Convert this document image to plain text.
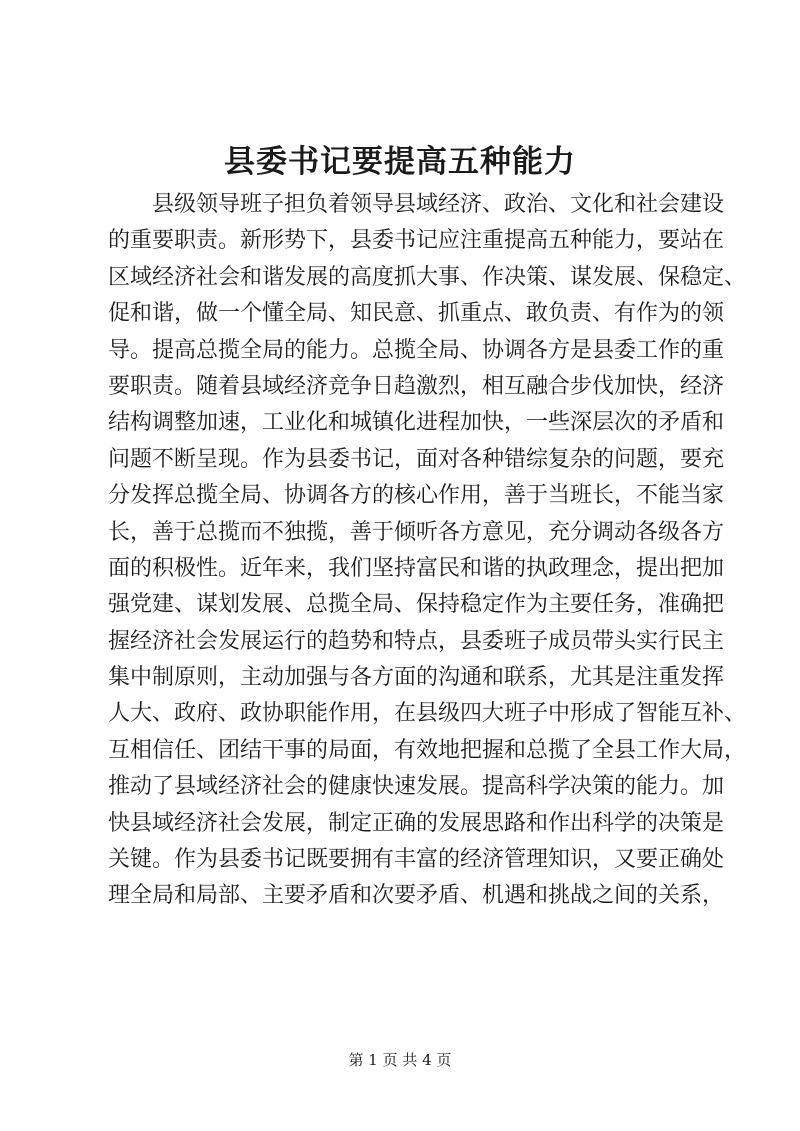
县委书记要提高五种能力
县级领导班子担负着领导县域经济、政治、文化和社会建设
的重要职责。新形势下，县委书记应注重提高五种能力，要站在
区域经济社会和谐发展的高度抓大事、作决策、谋发展、保稳定、
促和谐，做一个懂全局、知民意、抓重点、敢负责、有作为的领
导。提高总揽全局的能力。总揽全局、协调各方是县委工作的重
要职责。随着县域经济竞争日趋激烈，相互融合步伐加快，经济
结构调整加速，工业化和城镇化进程加快，一些深层次的矛盾和
问题不断呈现。作为县委书记，面对各种错综复杂的问题，要充
分发挥总揽全局、协调各方的核心作用，善于当班长，不能当家
长，善于总揽而不独揽，善于倾听各方意见，充分调动各级各方
面的积极性。近年来，我们坚持富民和谐的执政理念，提出把加
强党建、谋划发展、总揽全局、保持稳定作为主要任务，准确把
握经济社会发展运行的趋势和特点，县委班子成员带头实行民主
集中制原则，主动加强与各方面的沟通和联系，尤其是注重发挥
人大、政府、政协职能作用，在县级四大班子中形成了智能互补、
互相信任、团结干事的局面，有效地把握和总揽了全县工作大局，
推动了县域经济社会的健康快速发展。提高科学决策的能力。加
快县域经济社会发展，制定正确的发展思路和作出科学的决策是
关键。作为县委书记既要拥有丰富的经济管理知识，又要正确处
理全局和局部、主要矛盾和次要矛盾、机遇和挑战之间的关系，
第 1 页 共 4 页
